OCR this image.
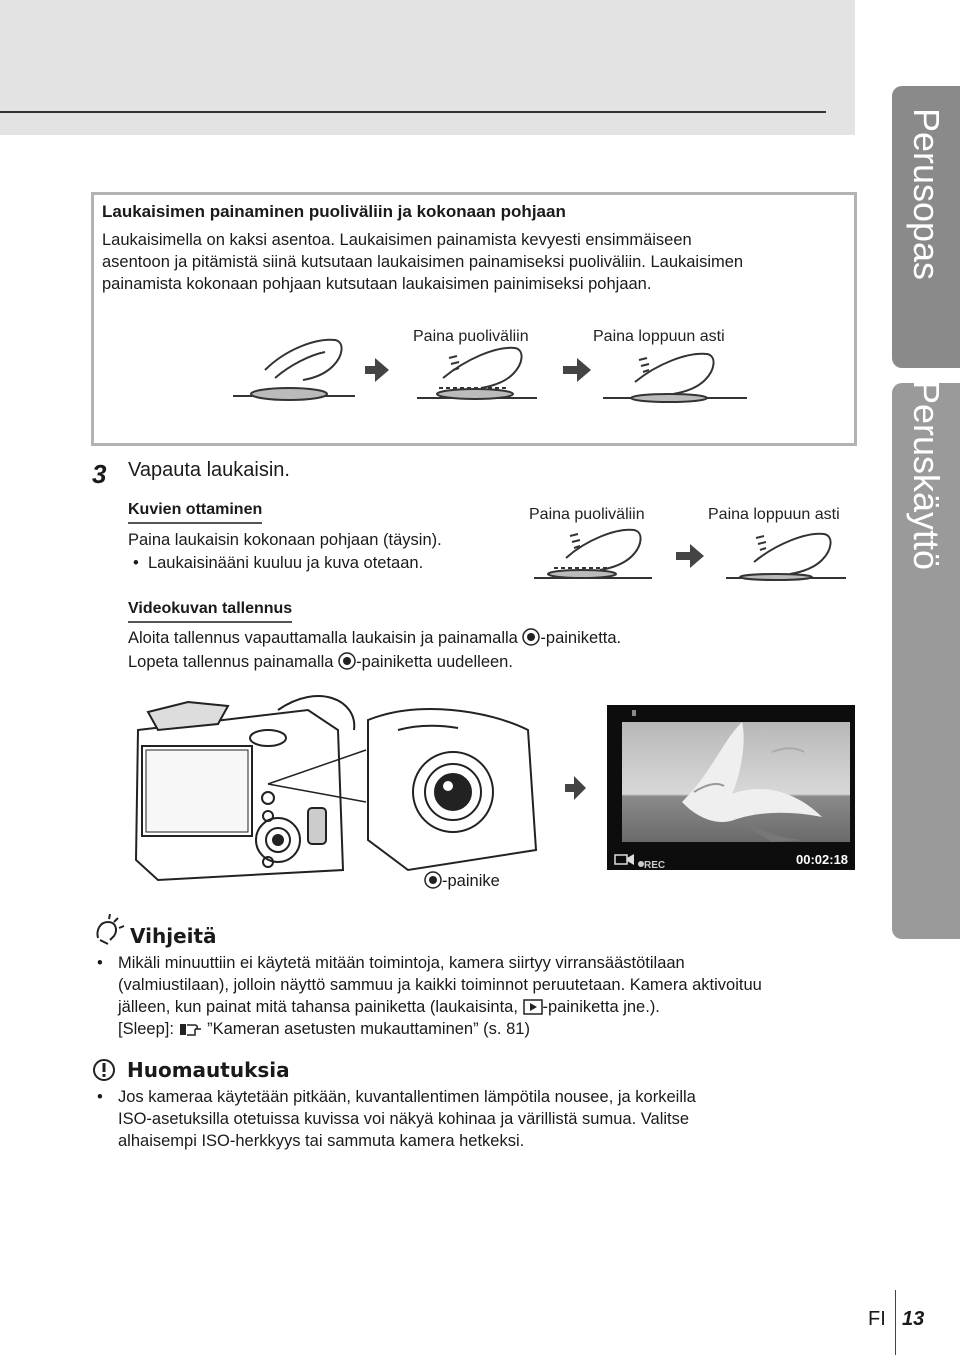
Perusopas
Peruskäyttö
Laukaisimen painaminen puoliväliin ja kokonaan pohjaan
Laukaisimella on kaksi asentoa. Laukaisimen painamista kevyesti ensimmäiseen
asentoon ja pitämistä siinä kutsutaan laukaisimen painamiseksi puoliväliin. Laukaisimen
painamista kokonaan pohjaan kutsutaan laukaisimen painimiseksi pohjaan.
Paina puoliväliin	Paina loppuun asti
3 Vapauta laukaisin.
Kuvien ottaminen
Paina laukaisin kokonaan pohjaan (täysin).
• Laukaisinääni kuuluu ja kuva otetaan.
Paina puoliväliin	Paina loppuun asti
Videokuvan tallennus
Aloita tallennus vapauttamalla laukaisin ja painamalla -painiketta.
Lopeta tallennus painamalla -painiketta uudelleen.
-painike
REC	00:02:18
Vihjeitä
• Mikäli minuuttiin ei käytetä mitään toimintoja, kamera siirtyy virransäästötilaan
(valmiustilaan), jolloin näyttö sammuu ja kaikki toiminnot peruutetaan. Kamera aktivoituu
jälleen, kun painat mitä tahansa painiketta (laukaisinta, -painiketta jne.).
[Sleep]:  ”Kameran asetusten mukauttaminen” (s. 81)
Huomautuksia
• Jos kameraa käytetään pitkään, kuvantallentimen lämpötila nousee, ja korkeilla
ISO-asetuksilla otetuissa kuvissa voi näkyä kohinaa ja värillistä sumua. Valitse
alhaisempi ISO-herkkyys tai sammuta kamera hetkeksi.
FI 13
